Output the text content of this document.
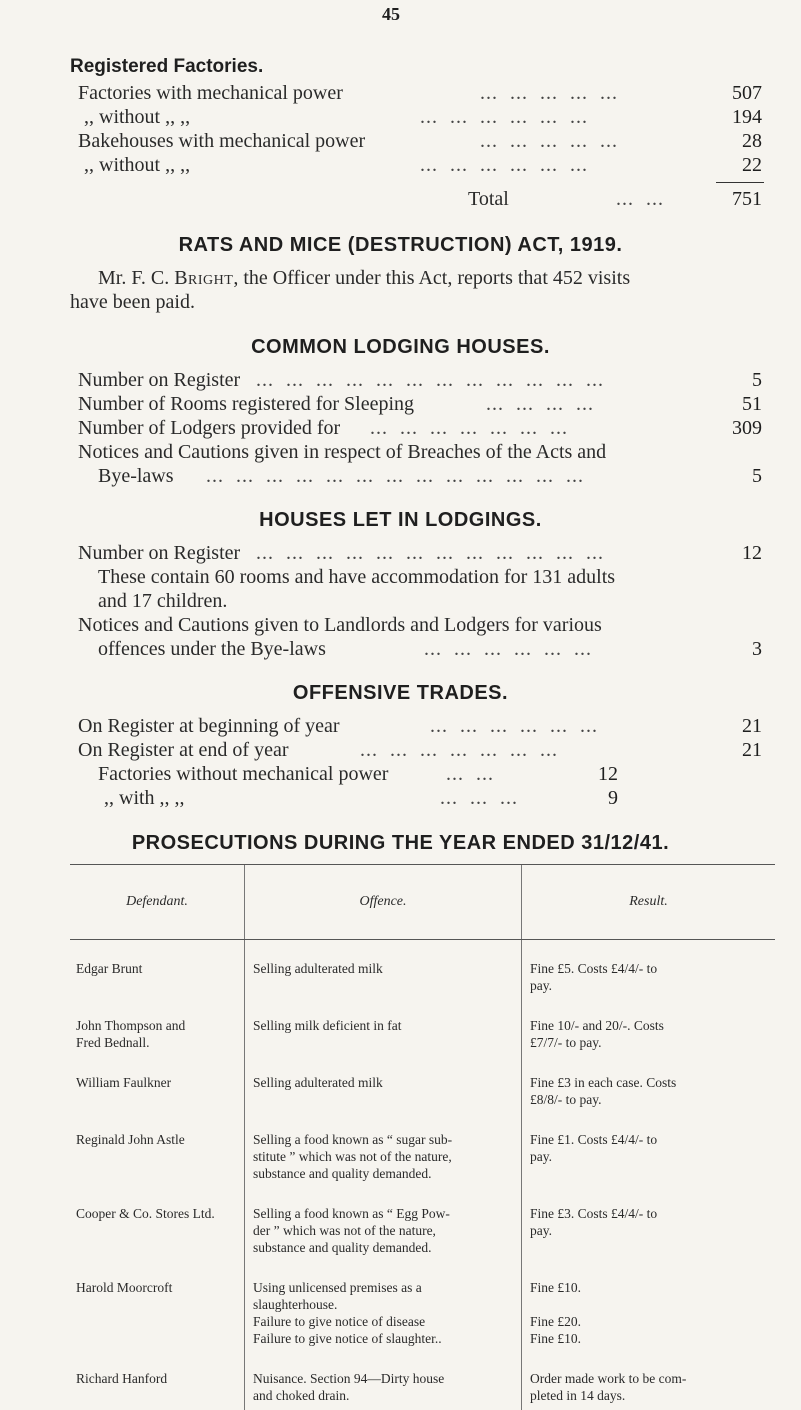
45
Registered Factories.
Factories with mechanical power	...  ...  ...  ...  ...	507
,, without ,, ,,	...  ...  ...  ...  ...  ...	194
Bakehouses with mechanical power	...  ...  ...  ...  ...	28
,, without ,, ,,	...  ...  ...  ...  ...  ...	22
Total	...  ...	751
RATS AND MICE (DESTRUCTION) ACT, 1919.
Mr. F. C. Bright, the Officer under this Act, reports that 452 visits
have been paid.
COMMON LODGING HOUSES.
Number on Register ...  ...  ...  ...  ...  ...  ...  ...  ...  ...  ...  ...	5
Number of Rooms registered for Sleeping	...  ...  ...  ...	51
Number of Lodgers provided for ...  ...  ...  ...  ...  ...  ...	309
Notices and Cautions given in respect of Breaches of the Acts and
Bye-laws ...  ...  ...  ...  ...  ...  ...  ...  ...  ...  ...  ...  ...	5
HOUSES LET IN LODGINGS.
Number on Register ...  ...  ...  ...  ...  ...  ...  ...  ...  ...  ...  ...	12
These contain 60 rooms and have accommodation for 131 adults
and 17 children.
Notices and Cautions given to Landlords and Lodgers for various
offences under the Bye-laws	...  ...  ...  ...  ...  ...	3
OFFENSIVE TRADES.
On Register at beginning of year	...  ...  ...  ...  ...  ...	21
On Register at end of year	...  ...  ...  ...  ...  ...  ...	21
Factories without mechanical power	...  ...	12
,, with ,, ,,	...  ...  ...	9
PROSECUTIONS DURING THE YEAR ENDED 31/12/41.
Defendant.	Offence.	Result.

Edgar Brunt	Selling adulterated milk	Fine £5. Costs £4/4/- to
pay.

John Thompson and
Fred Bednall.	Selling milk deficient in fat	Fine 10/- and 20/-. Costs
£7/7/- to pay.

William Faulkner	Selling adulterated milk	Fine £3 in each case. Costs
£8/8/- to pay.

Reginald John Astle	Selling a food known as “ sugar sub-
stitute ” which was not of the nature,
substance and quality demanded.	Fine £1. Costs £4/4/- to
pay.

Cooper & Co. Stores Ltd.	Selling a food known as “ Egg Pow-
der ” which was not of the nature,
substance and quality demanded.	Fine £3. Costs £4/4/- to
pay.

Harold Moorcroft	Using unlicensed premises as a
slaughterhouse.
Failure to give notice of disease
Failure to give notice of slaughter..	Fine £10.

Fine £20.
Fine £10.

Richard Hanford	Nuisance. Section 94—Dirty house
and choked drain.	Order made work to be com-
pleted in 14 days.
